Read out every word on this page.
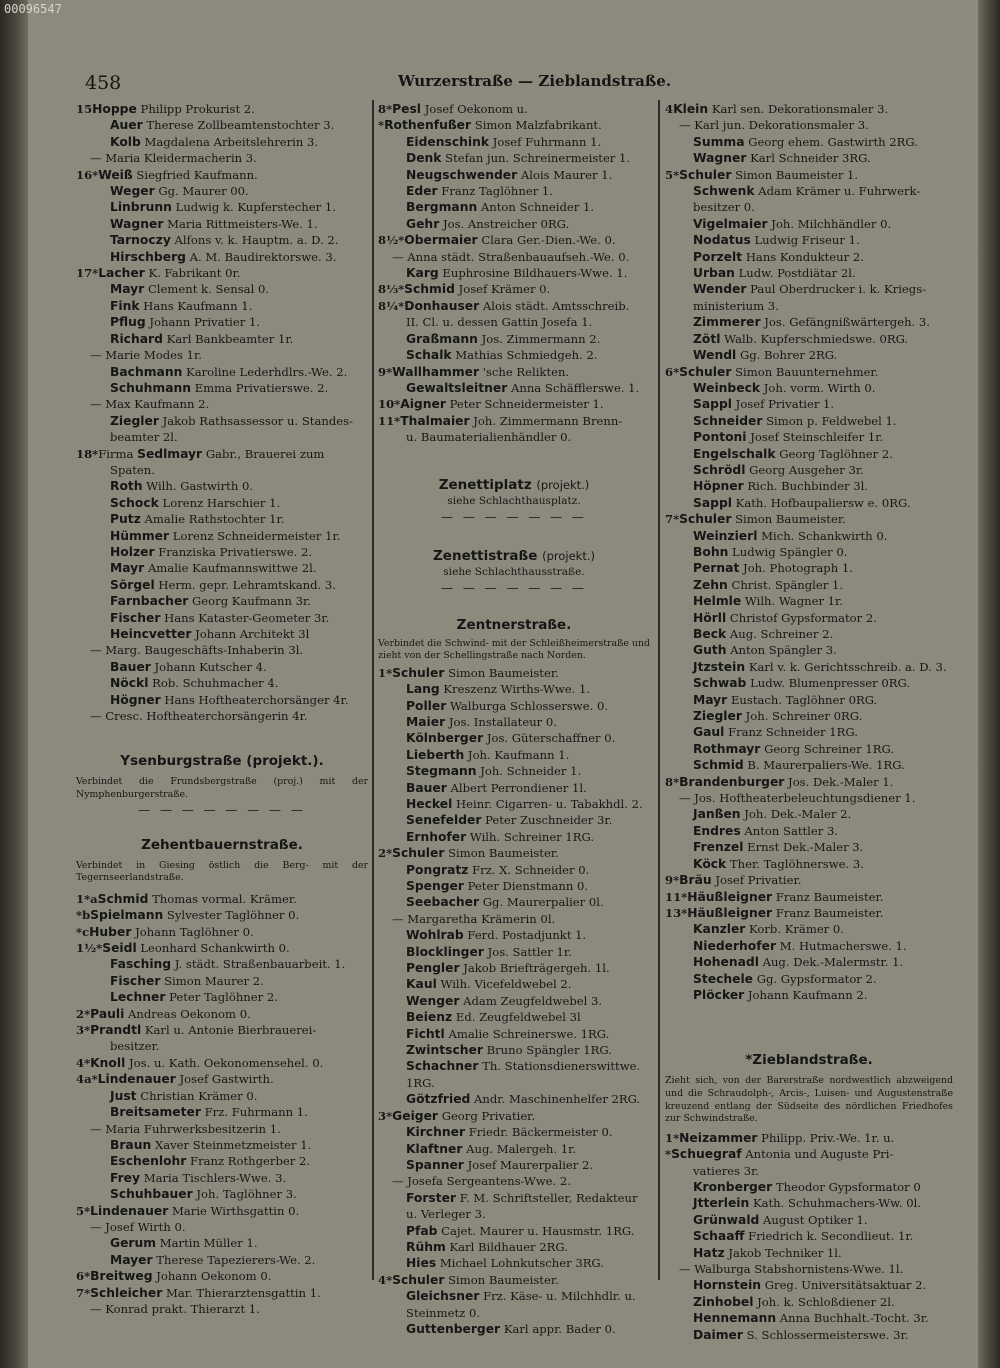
00096547
458	Wurzerstraße — Zieblandstraße.
15Hoppe Philipp Prokurist 2.
Auer Therese Zollbeamtenstochter 3.
Kolb Magdalena Arbeitslehrerin 3.
— Maria Kleidermacherin 3.
16*Weiß Siegfried Kaufmann.
Weger Gg. Maurer 00.
Linbrunn Ludwig k. Kupferstecher 1.
Wagner Maria Rittmeisters-We. 1.
Tarnoczy Alfons v. k. Hauptm. a. D. 2.
Hirschberg A. M. Baudirektorswe. 3.
17*Lacher K. Fabrikant 0r.
Mayr Clement k. Sensal 0.
Fink Hans Kaufmann 1.
Pflug Johann Privatier 1.
Richard Karl Bankbeamter 1r.
— Marie Modes 1r.
Bachmann Karoline Lederhdlrs.-We. 2.
Schuhmann Emma Privatierswe. 2.
— Max Kaufmann 2.
Ziegler Jakob Rathsassessor u. Standes-
beamter 2l.
18*Firma Sedlmayr Gabr., Brauerei zum
Spaten.
Roth Wilh. Gastwirth 0.
Schock Lorenz Harschier 1.
Putz Amalie Rathstochter 1r.
Hümmer Lorenz Schneidermeister 1r.
Holzer Franziska Privatierswe. 2.
Mayr Amalie Kaufmannswittwe 2l.
Sörgel Herm. gepr. Lehramtskand. 3.
Farnbacher Georg Kaufmann 3r.
Fischer Hans Kataster-Geometer 3r.
Heincvetter Johann Architekt 3l
— Marg. Baugeschäfts-Inhaberin 3l.
Bauer Johann Kutscher 4.
Nöckl Rob. Schuhmacher 4.
Högner Hans Hoftheaterchorsänger 4r.
— Cresc. Hoftheaterchorsängerin 4r.
Ysenburgstraße (projekt.).
Verbindet die Frundsbergstraße (proj.) mit der Nymphenburgerstraße.
— — — — — — — —
Zehentbauernstraße.
Verbindet in Giesing östlich die Berg- mit der Tegernseerlandstraße.
1*aSchmid Thomas vormal. Krämer.
*bSpielmann Sylvester Taglöhner 0.
*cHuber Johann Taglöhner 0.
1½*Seidl Leonhard Schankwirth 0.
Fasching J. städt. Straßenbauarbeit. 1.
Fischer Simon Maurer 2.
Lechner Peter Taglöhner 2.
2*Pauli Andreas Oekonom 0.
3*Prandtl Karl u. Antonie Bierbrauerei-
besitzer.
4*Knoll Jos. u. Kath. Oekonomensehel. 0.
4a*Lindenauer Josef Gastwirth.
Just Christian Krämer 0.
Breitsameter Frz. Fuhrmann 1.
— Maria Fuhrwerksbesitzerin 1.
Braun Xaver Steinmetzmeister 1.
Eschenlohr Franz Rothgerber 2.
Frey Maria Tischlers-Wwe. 3.
Schuhbauer Joh. Taglöhner 3.
5*Lindenauer Marie Wirthsgattin 0.
— Josef Wirth 0.
Gerum Martin Müller 1.
Mayer Therese Tapezierers-We. 2.
6*Breitweg Johann Oekonom 0.
7*Schleicher Mar. Thierarztensgattin 1.
— Konrad prakt. Thierarzt 1.
8*Pesl Josef Oekonom u.
*Rothenfußer Simon Malzfabrikant.
Eidenschink Josef Fuhrmann 1.
Denk Stefan jun. Schreinermeister 1.
Neugschwender Alois Maurer 1.
Eder Franz Taglöhner 1.
Bergmann Anton Schneider 1.
Gehr Jos. Anstreicher 0RG.
8½*Obermaier Clara Ger.-Dien.-We. 0.
— Anna städt. Straßenbauaufseh.-We. 0.
Karg Euphrosine Bildhauers-Wwe. 1.
8⅓*Schmid Josef Krämer 0.
8¼*Donhauser Alois städt. Amtsschreib.
II. Cl. u. dessen Gattin Josefa 1.
Graßmann Jos. Zimmermann 2.
Schalk Mathias Schmiedgeh. 2.
9*Wallhammer 'sche Relikten.
Gewaltsleitner Anna Schäfflerswe. 1.
10*Aigner Peter Schneidermeister 1.
11*Thalmaier Joh. Zimmermann Brenn-
u. Baumaterialienhändler 0.
Zenettiplatz (projekt.)
siehe Schlachthausplatz.
— — — — — — —
Zenettistraße (projekt.)
siehe Schlachthausstraße.
— — — — — — —
Zentnerstraße.
Verbindet die Schwind- mit der Schleißheimerstraße und zieht von der Schellingstraße nach Norden.
1*Schuler Simon Baumeister.
Lang Kreszenz Wirths-Wwe. 1.
Poller Walburga Schlosserswe. 0.
Maier Jos. Installateur 0.
Kölnberger Jos. Güterschaffner 0.
Lieberth Joh. Kaufmann 1.
Stegmann Joh. Schneider 1.
Bauer Albert Perrondiener 1l.
Heckel Heinr. Cigarren- u. Tabakhdl. 2.
Senefelder Peter Zuschneider 3r.
Ernhofer Wilh. Schreiner 1RG.
2*Schuler Simon Baumeister.
Pongratz Frz. X. Schneider 0.
Spenger Peter Dienstmann 0.
Seebacher Gg. Maurerpalier 0l.
— Margaretha Krämerin 0l.
Wohlrab Ferd. Postadjunkt 1.
Blocklinger Jos. Sattler 1r.
Pengler Jakob Briefträgergeh. 1l.
Kaul Wilh. Vicefeldwebel 2.
Wenger Adam Zeugfeldwebel 3.
Beienz Ed. Zeugfeldwebel 3l
Fichtl Amalie Schreinerswe. 1RG.
Zwintscher Bruno Spängler 1RG.
Schachner Th. Stationsdienerswittwe.
1RG.
Götzfried Andr. Maschinenhelfer 2RG.
3*Geiger Georg Privatier.
Kirchner Friedr. Bäckermeister 0.
Klaftner Aug. Malergeh. 1r.
Spanner Josef Maurerpalier 2.
— Josefa Sergeantens-Wwe. 2.
Forster F. M. Schriftsteller, Redakteur
u. Verleger 3.
Pfab Cajet. Maurer u. Hausmstr. 1RG.
Rühm Karl Bildhauer 2RG.
Hies Michael Lohnkutscher 3RG.
4*Schuler Simon Baumeister.
Gleichsner Frz. Käse- u. Milchhdlr. u.
Steinmetz 0.
Guttenberger Karl appr. Bader 0.
4Klein Karl sen. Dekorationsmaler 3.
— Karl jun. Dekorationsmaler 3.
Summa Georg ehem. Gastwirth 2RG.
Wagner Karl Schneider 3RG.
5*Schuler Simon Baumeister 1.
Schwenk Adam Krämer u. Fuhrwerk-
besitzer 0.
Vigelmaier Joh. Milchhändler 0.
Nodatus Ludwig Friseur 1.
Porzelt Hans Kondukteur 2.
Urban Ludw. Postdiätar 2l.
Wender Paul Oberdrucker i. k. Kriegs-
ministerium 3.
Zimmerer Jos. Gefängnißwärtergeh. 3.
Zötl Walb. Kupferschmiedswe. 0RG.
Wendl Gg. Bohrer 2RG.
6*Schuler Simon Bauunternehmer.
Weinbeck Joh. vorm. Wirth 0.
Sappl Josef Privatier 1.
Schneider Simon p. Feldwebel 1.
Pontoni Josef Steinschleifer 1r.
Engelschalk Georg Taglöhner 2.
Schrödl Georg Ausgeher 3r.
Höpner Rich. Buchbinder 3l.
Sappl Kath. Hofbaupaliersw e. 0RG.
7*Schuler Simon Baumeister.
Weinzierl Mich. Schankwirth 0.
Bohn Ludwig Spängler 0.
Pernat Joh. Photograph 1.
Zehn Christ. Spängler 1.
Helmle Wilh. Wagner 1r.
Hörll Christof Gypsformator 2.
Beck Aug. Schreiner 2.
Guth Anton Spängler 3.
Jtzstein Karl v. k. Gerichtsschreib. a. D. 3.
Schwab Ludw. Blumenpresser 0RG.
Mayr Eustach. Taglöhner 0RG.
Ziegler Joh. Schreiner 0RG.
Gaul Franz Schneider 1RG.
Rothmayr Georg Schreiner 1RG.
Schmid B. Maurerpaliers-We. 1RG.
8*Brandenburger Jos. Dek.-Maler 1.
— Jos. Hoftheaterbeleuchtungsdiener 1.
Janßen Joh. Dek.-Maler 2.
Endres Anton Sattler 3.
Frenzel Ernst Dek.-Maler 3.
Köck Ther. Taglöhnerswe. 3.
9*Bräu Josef Privatier.
11*Häußleigner Franz Baumeister.
13*Häußleigner Franz Baumeister.
Kanzler Korb. Krämer 0.
Niederhofer M. Hutmacherswe. 1.
Hohenadl Aug. Dek.-Malermstr. 1.
Stechele Gg. Gypsformator 2.
Plöcker Johann Kaufmann 2.
*Zieblandstraße.
Zieht sich, von der Barerstraße nordwestlich abzweigend und die Schraudolph-, Arcis-, Luisen- und Augustenstraße kreuzend entlang der Südseite des nördlichen Friedhofes zur Schwindstraße.
1*Neizammer Philipp. Priv.-We. 1r. u.
*Schuegraf Antonia und Auguste Pri-
vatieres 3r.
Kronberger Theodor Gypsformator 0
Jtterlein Kath. Schuhmachers-Ww. 0l.
Grünwald August Optiker 1.
Schaaff Friedrich k. Secondlieut. 1r.
Hatz Jakob Techniker 1l.
— Walburga Stabshornistens-Wwe. 1l.
Hornstein Greg. Universitätsaktuar 2.
Zinhobel Joh. k. Schloßdiener 2l.
Hennemann Anna Buchhalt.-Tocht. 3r.
Daimer S. Schlossermeisterswe. 3r.
